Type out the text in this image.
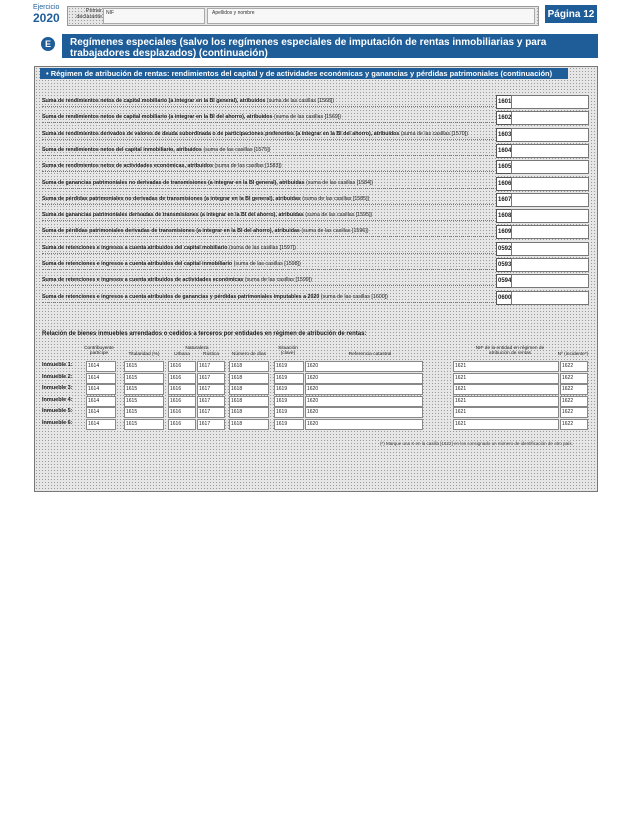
Ejercicio
2020	Primer declarante
NIF	Apellidos y nombre	Página 12
E	Regímenes especiales (salvo los regímenes especiales de imputación de rentas inmobiliarias y para trabajadores desplazados) (continuación)
• Régimen de atribución de rentas: rendimientos del capital y de actividades económicas y ganancias y pérdidas patrimoniales (continuación)
Suma de rendimientos netos de capital mobiliario (a integrar en la BI general), atribuidos (suma de las casillas [1568])	1601
Suma de rendimientos netos de capital mobiliario (a integrar en la BI del ahorro), atribuidos (suma de las casillas [1569])	1602
Suma de rendimientos derivados de valores de deuda subordinada o de participaciones preferentes (a integrar en la BI del ahorro), atribuidos (suma de las casillas [1570])	1603
Suma de rendimientos netos del capital inmobiliario, atribuidos (suma de las casillas [1575])	1604
Suma de rendimientos netos de actividades económicas, atribuidos (suma de las casillas [1583])	1605
Suma de ganancias patrimoniales no derivadas de transmisiones (a integrar en la BI general), atribuidas (suma de las casillas [1584])	1606
Suma de pérdidas patrimoniales no derivadas de transmisiones (a integrar en la BI general), atribuidas (suma de las casillas [1585])	1607
Suma de ganancias patrimoniales derivadas de transmisiones (a integrar en la BI del ahorro), atribuidas (suma de las casillas [1595])	1608
Suma de pérdidas patrimoniales derivadas de transmisiones (a integrar en la BI del ahorro), atribuidas (suma de las casillas [1596])	1609
Suma de retenciones e ingresos a cuenta atribuidos del capital mobiliario (suma de las casillas [1597])	0592
Suma de retenciones e ingresos a cuenta atribuidos del capital inmobiliario (suma de las casillas [1598])	0593
Suma de retenciones e ingresos a cuenta atribuidos de actividades económicas (suma de las casillas [1599])	0594
Suma de retenciones e ingresos a cuenta atribuidos de ganancias y pérdidas patrimoniales imputables a 2020 (suma de las casillas [1600])	0600
Relación de bienes inmuebles arrendados o cedidos a terceros por entidades en régimen de atribución de rentas:
Contribuyente partícipe	Titularidad (%)
Naturaleza
Urbana	Rústica	Número de días
Situación (clave)	Referencia catastral
NIF de la entidad en régimen de atribución de rentas	Nº (incidente*)
Inmueble 1:	1614	1615	1616	1617	1618	1619	1620	1621	1622
Inmueble 2:	1614	1615	1616	1617	1618	1619	1620	1621	1622
Inmueble 3:	1614	1615	1616	1617	1618	1619	1620	1621	1622
Inmueble 4:	1614	1615	1616	1617	1618	1619	1620	1621	1622
Inmueble 5:	1614	1615	1616	1617	1618	1619	1620	1621	1622
Inmueble 6:	1614	1615	1616	1617	1618	1619	1620	1621	1622
(*) Marque una X en la casilla [1622] en los consignado un número de identificación de otro país.
